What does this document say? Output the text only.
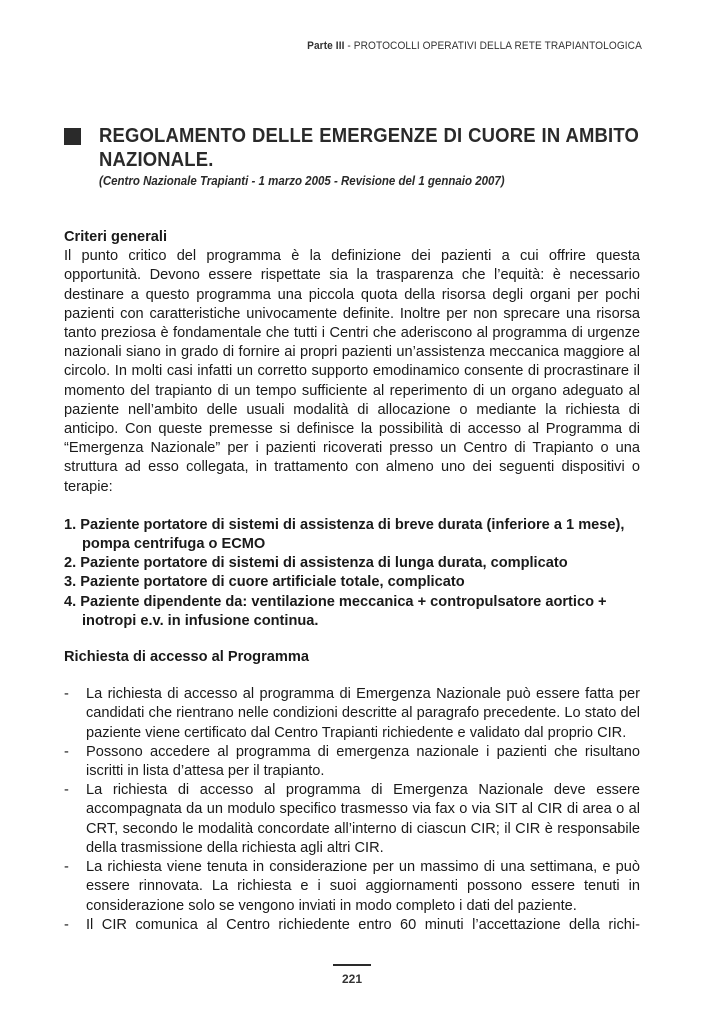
Parte III - PROTOCOLLI OPERATIVI DELLA RETE TRAPIANTOLOGICA
REGOLAMENTO DELLE EMERGENZE DI CUORE IN AMBITO NAZIONALE.
(Centro Nazionale Trapianti - 1 marzo 2005 - Revisione del 1 gennaio 2007)

Criteri generali

Il punto critico del programma è la definizione dei pazienti a cui offrire questa opportunità. Devono essere rispettate sia la trasparenza che l’equità: è necessario destinare a questo programma una piccola quota della risorsa degli organi per pochi pazienti con caratteristiche univocamente definite. Inoltre per non sprecare una risorsa tanto preziosa è fondamentale che tutti i Centri che aderiscono al programma di urgenze nazionali siano in grado di fornire ai propri pazienti un’assistenza meccanica maggiore al circolo. In molti casi infatti un corretto supporto emodinamico consente di procrastinare il momento del trapianto di un tempo sufficiente al reperimento di un organo adeguato al paziente nell’ambito delle usuali modalità di allocazione o mediante la richiesta di anticipo. Con queste premesse si definisce la possibilità di accesso al Programma di “Emergenza Nazionale” per i pazienti ricoverati presso un Centro di Trapianto o una struttura ad esso collegata, in trattamento con almeno uno dei seguenti dispositivi o terapie:

1. Paziente portatore di sistemi di assistenza di breve durata (inferiore a 1 mese), pompa centrifuga o ECMO
2. Paziente portatore di sistemi di assistenza di lunga durata, complicato
3. Paziente portatore di cuore artificiale totale, complicato
4. Paziente dipendente da: ventilazione meccanica + contropulsatore aortico + inotropi e.v. in infusione continua.

Richiesta di accesso al Programma

- La richiesta di accesso al programma di Emergenza Nazionale può essere fatta per candidati che rientrano nelle condizioni descritte al paragrafo precedente. Lo stato del paziente viene certificato dal Centro Trapianti richiedente e validato dal proprio CIR.
- Possono accedere al programma di emergenza nazionale i pazienti che risultano iscritti in lista d’attesa per il trapianto.
- La richiesta di accesso al programma di Emergenza Nazionale deve essere accompagnata da un modulo specifico trasmesso via fax o via SIT al CIR di area o al CRT, secondo le modalità concordate all’interno di ciascun CIR; il CIR è responsabile della trasmissione della richiesta agli altri CIR.
- La richiesta viene tenuta in considerazione per un massimo di una settimana, e può essere rinnovata. La richiesta e i suoi aggiornamenti possono essere tenuti in considerazione solo se vengono inviati in modo completo i dati del paziente.
- Il CIR comunica al Centro richiedente entro 60 minuti l’accettazione della richi-
221
